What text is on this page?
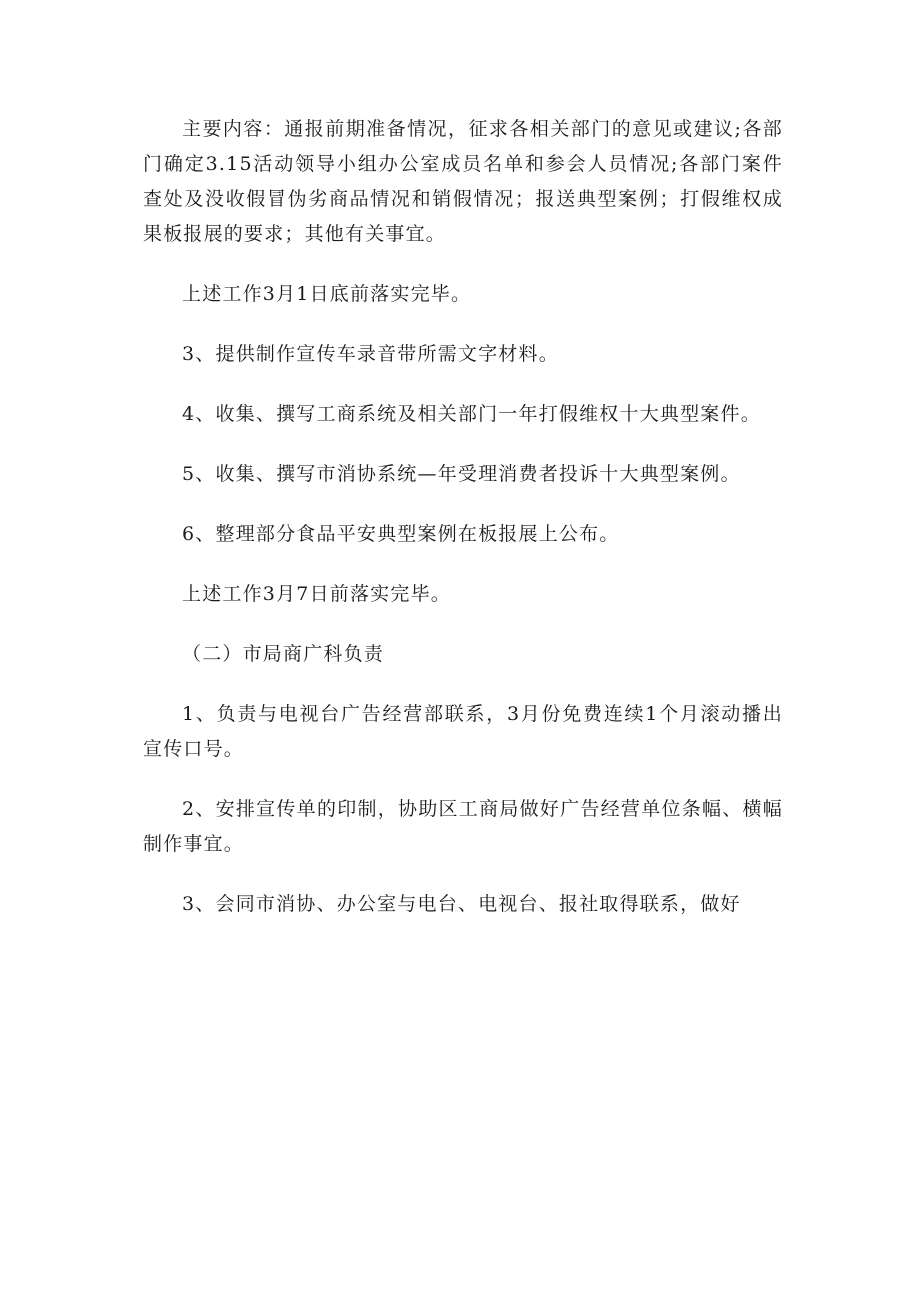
主要内容：通报前期准备情况，征求各相关部门的意见或建议;各部门确定3.15活动领导小组办公室成员名单和参会人员情况;各部门案件查处及没收假冒伪劣商品情况和销假情况；报送典型案例；打假维权成果板报展的要求；其他有关事宜。

上述工作3月1日底前落实完毕。

3、提供制作宣传车录音带所需文字材料。

4、收集、撰写工商系统及相关部门一年打假维权十大典型案件。

5、收集、撰写市消协系统—年受理消费者投诉十大典型案例。

6、整理部分食品平安典型案例在板报展上公布。

上述工作3月7日前落实完毕。

（二）市局商广科负责

1、负责与电视台广告经营部联系，3月份免费连续1个月滚动播出宣传口号。

2、安排宣传单的印制，协助区工商局做好广告经营单位条幅、横幅制作事宜。

3、会同市消协、办公室与电台、电视台、报社取得联系，做好
